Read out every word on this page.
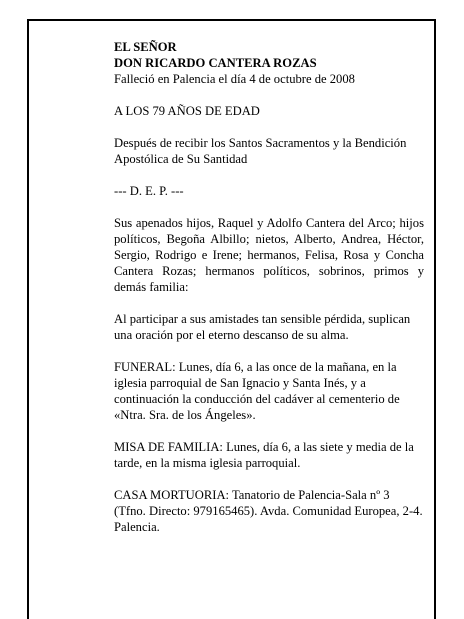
EL SEÑOR
DON RICARDO CANTERA ROZAS
Falleció en Palencia el día 4 de octubre de 2008

A LOS 79 AÑOS DE EDAD

Después de recibir los Santos Sacramentos y la Bendición Apostólica de Su Santidad

--- D. E. P. ---

Sus apenados hijos, Raquel y Adolfo Cantera del Arco; hijos políticos, Begoña Albillo; nietos, Alberto, Andrea, Héctor, Sergio, Rodrigo e Irene; hermanos, Felisa, Rosa y Concha Cantera Rozas; hermanos políticos, sobrinos, primos y demás familia:

Al participar a sus amistades tan sensible pérdida, suplican una oración por el eterno descanso de su alma.

FUNERAL: Lunes, día 6, a las once de la mañana, en la iglesia parroquial de San Ignacio y Santa Inés, y a continuación la conducción del cadáver al cementerio de «Ntra. Sra. de los Ángeles».

MISA DE FAMILIA: Lunes, día 6, a las siete y media de la tarde, en la misma iglesia parroquial.

CASA MORTUORIA: Tanatorio de Palencia-Sala nº 3 (Tfno. Directo: 979165465). Avda. Comunidad Europea, 2-4. Palencia.
